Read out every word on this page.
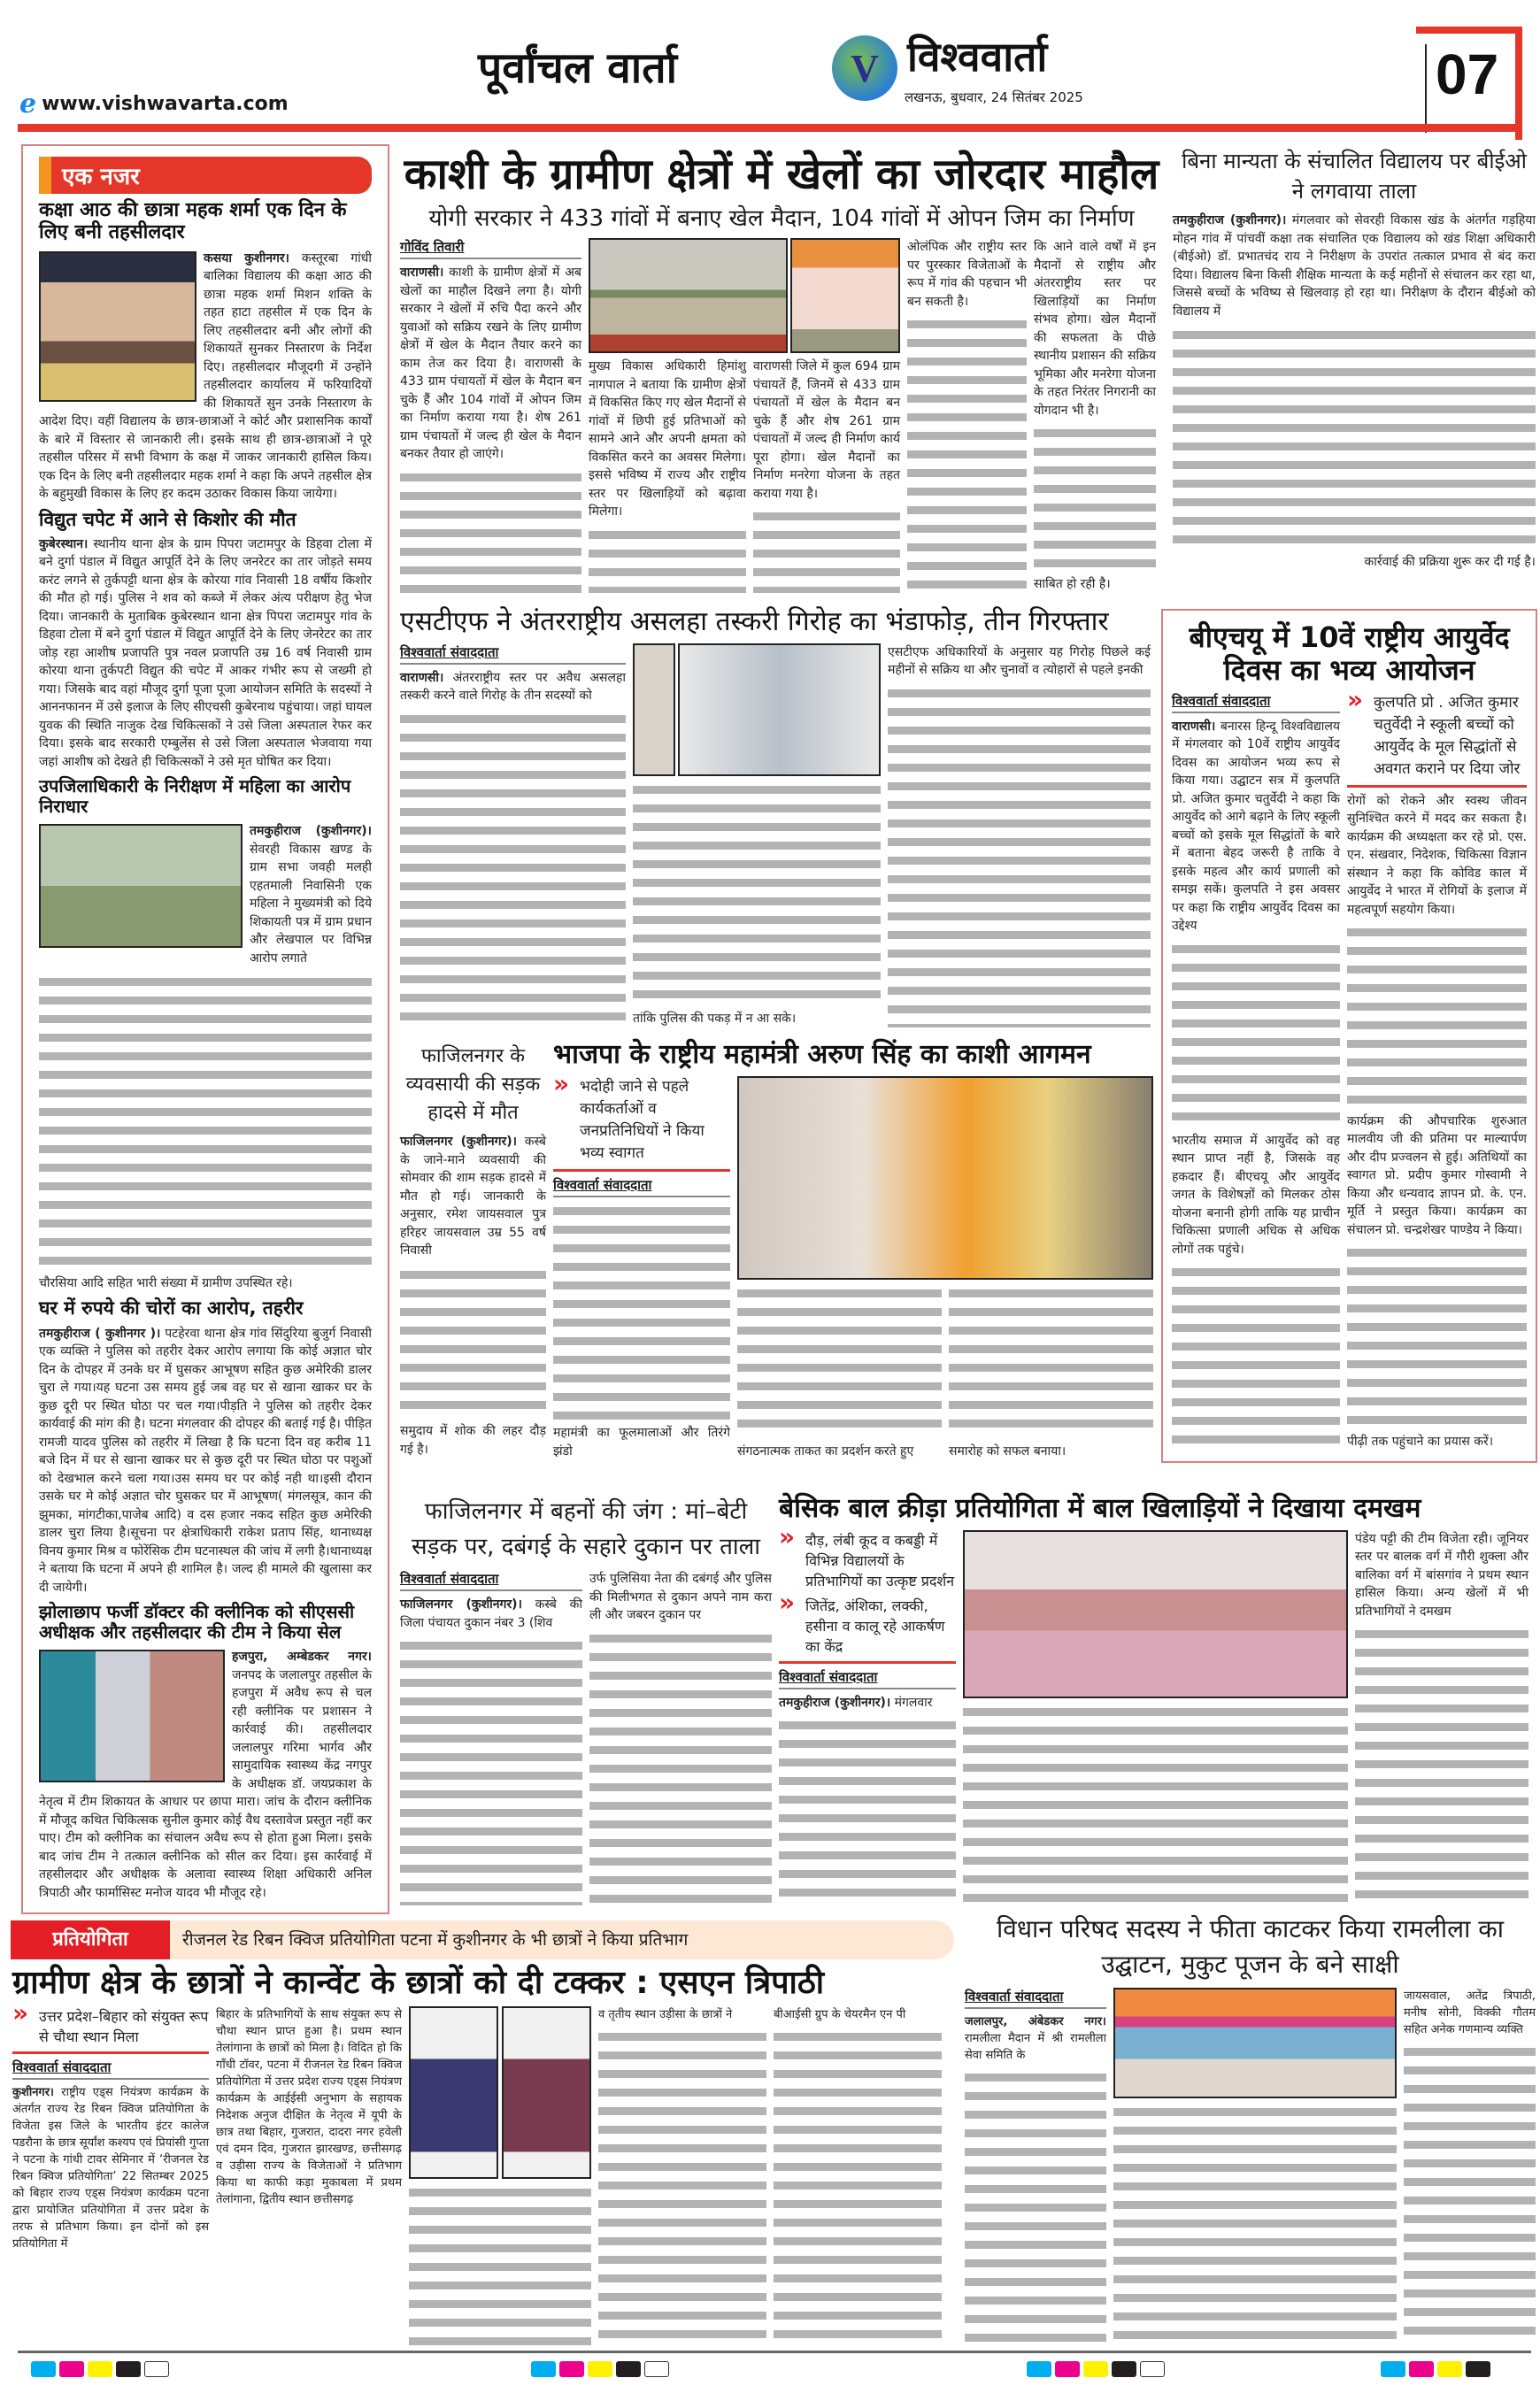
e www.vishwavarta.com
पूर्वांचल वार्ता	V विश्ववार्ता
लखनऊ, बुधवार, 24 सितंबर 2025	07
एक नजर
कक्षा आठ की छात्रा महक शर्मा एक दिन के लिए बनी तहसीलदार
कसया कुशीनगर। कस्तूरबा गांधी बालिका विद्यालय की कक्षा आठ की छात्रा महक शर्मा मिशन शक्ति के तहत हाटा तहसील में एक दिन के लिए तहसीलदार बनी और लोगों की शिकायतें सुनकर निस्तारण के निर्देश दिए। तहसीलदार मौजूदगी में उन्होंने तहसीलदार कार्यालय में फरियादियों की शिकायतें सुन उनके निस्तारण के आदेश दिए। वहीं विद्यालय के छात्र-छात्राओं ने कोर्ट और प्रशासनिक कार्यों के बारे में विस्तार से जानकारी ली। इसके साथ ही छात्र-छात्राओं ने पूरे तहसील परिसर में सभी विभाग के कक्ष में जाकर जानकारी हासिल किय। एक दिन के लिए बनी तहसीलदार महक शर्मा ने कहा कि अपने तहसील क्षेत्र के बहुमुखी विकास के लिए हर कदम उठाकर विकास किया जायेगा।
विद्युत चपेट में आने से किशोर की मौत
कुबेरस्थान। स्थानीय थाना क्षेत्र के ग्राम पिपरा जटामपुर के डिहवा टोला में बने दुर्गा पंडाल में विद्युत आपूर्ति देने के लिए जनरेटर का तार जोड़ते समय करंट लगने से तुर्कपट्टी थाना क्षेत्र के कोरया गांव निवासी 18 वर्षीय किशोर की मौत हो गई। पुलिस ने शव को कब्जे में लेकर अंत्य परीक्षण हेतु भेज दिया। जानकारी के मुताबिक कुबेरस्थान थाना क्षेत्र पिपरा जटामपुर गांव के डिहवा टोला में बने दुर्गा पंडाल में विद्युत आपूर्ति देने के लिए जेनरेटर का तार जोड़ रहा आशीष प्रजापति पुत्र नवल प्रजापति उम्र 16 वर्ष निवासी ग्राम कोरया थाना तुर्कपटी विद्युत की चपेट में आकर गंभीर रूप से जख्मी हो गया। जिसके बाद वहां मौजूद दुर्गा पूजा पूजा आयोजन समिति के सदस्यों ने आननफानन में उसे इलाज के लिए सीएचसी कुबेरनाथ पहुंचाया। जहां घायल युवक की स्थिति नाजुक देख चिकित्सकों ने उसे जिला अस्पताल रेफर कर दिया। इसके बाद सरकारी एम्बुलेंस से उसे जिला अस्पताल भेजवाया गया जहां आशीष को देखते ही चिकित्सकों ने उसे मृत घोषित कर दिया।
उपजिलाधिकारी के निरीक्षण में महिला का आरोप निराधार
तमकुहीराज (कुशीनगर)। सेवरही विकास खण्ड के ग्राम सभा जवही मलही एहतमाली निवासिनी एक महिला ने मुख्यमंत्री को दिये शिकायती पत्र में ग्राम प्रधान और लेखपाल पर विभिन्न आरोप लगाते
चौरसिया आदि सहित भारी संख्या में ग्रामीण उपस्थित रहे।
घर में रुपये की चोरों का आरोप, तहरीर
तमकुहीराज ( कुशीनगर )। पटहेरवा थाना क्षेत्र गांव सिंदुरिया बुजुर्ग निवासी एक व्यक्ति ने पुलिस को तहरीर देकर आरोप लगाया कि कोई अज्ञात चोर दिन के दोपहर में उनके घर में घुसकर आभूषण सहित कुछ अमेरिकी डालर चुरा ले गया।यह घटना उस समय हुई जब वह घर से खाना खाकर घर के कुछ दूरी पर स्थित घोठा पर चल गया।पीड़ति ने पुलिस को तहरीर देकर कार्यवाई की मांग की है। घटना मंगलवार की दोपहर की बताई गई है। पीड़ित रामजी यादव पुलिस को तहरीर में लिखा है कि घटना दिन वह करीब 11 बजे दिन में घर से खाना खाकर घर से कुछ दूरी पर स्थित घोठा पर पशुओं को देखभाल करने चला गया।उस समय घर पर कोई नही था।इसी दौरान उसके घर मे कोई अज्ञात चोर घुसकर घर में आभूषण( मंगलसूत्र, कान की झुमका, मांगटीका,पाजेब आदि) व दस हजार नकद सहित कुछ अमेरिकी डालर चुरा लिया है।सूचना पर क्षेत्राधिकारी राकेश प्रताप सिंह, थानाध्यक्ष विनय कुमार मिश्र व फोरेंसिक टीम घटनास्थल की जांच में लगी है।थानाध्यक्ष ने बताया कि घटना में अपने ही शामिल है। जल्द ही मामले की खुलासा कर दी जायेगी।
झोलाछाप फर्जी डॉक्टर की क्लीनिक को सीएससी अधीक्षक और तहसीलदार की टीम ने किया सेल
हजपुरा, अम्बेडकर नगर। जनपद के जलालपुर तहसील के हजपुरा में अवैध रूप से चल रही क्लीनिक पर प्रशासन ने कार्रवाई की। तहसीलदार जलालपुर गरिमा भार्गव और सामुदायिक स्वास्थ्य केंद्र नगपुर के अधीक्षक डॉ. जयप्रकाश के नेतृत्व में टीम शिकायत के आधार पर छापा मारा। जांच के दौरान क्लीनिक में मौजूद कथित चिकित्सक सुनील कुमार कोई वैध दस्तावेज प्रस्तुत नहीं कर पाए। टीम को क्लीनिक का संचालन अवैध रूप से होता हुआ मिला। इसके बाद जांच टीम ने तत्काल क्लीनिक को सील कर दिया। इस कार्रवाई में तहसीलदार और अधीक्षक के अलावा स्वास्थ्य शिक्षा अधिकारी अनिल त्रिपाठी और फार्मासिस्ट मनोज यादव भी मौजूद रहे।
काशी के ग्रामीण क्षेत्रों में खेलों का जोरदार माहौल
योगी सरकार ने 433 गांवों में बनाए खेल मैदान, 104 गांवों में ओपन जिम का निर्माण
गोविंद तिवारी
वाराणसी। काशी के ग्रामीण क्षेत्रों में अब खेलों का माहौल दिखने लगा है। योगी सरकार ने खेलों में रुचि पैदा करने और युवाओं को सक्रिय रखने के लिए ग्रामीण क्षेत्रों में खेल के मैदान तैयार करने का काम तेज कर दिया है। वाराणसी के 433 ग्राम पंचायतों में खेल के मैदान बन चुके हैं और 104 गांवों में ओपन जिम का निर्माण कराया गया है। शेष 261 ग्राम पंचायतों में जल्द ही खेल के मैदान बनकर तैयार हो जाएंगे।
मुख्य विकास अधिकारी हिमांशु नागपाल ने बताया कि ग्रामीण क्षेत्रों में विकसित किए गए खेल मैदानों से गांवों में छिपी हुई प्रतिभाओं को सामने आने और अपनी क्षमता को विकसित करने का अवसर मिलेगा। इससे भविष्य में राज्य और राष्ट्रीय स्तर पर खिलाड़ियों को बढ़ावा मिलेगा।
वाराणसी जिले में कुल 694 ग्राम पंचायतें हैं, जिनमें से 433 ग्राम पंचायतों में खेल के मैदान बन चुके हैं और शेष 261 ग्राम पंचायतों में जल्द ही निर्माण कार्य पूरा होगा। खेल मैदानों का निर्माण मनरेगा योजना के तहत कराया गया है।
ओलंपिक और राष्ट्रीय स्तर पर पुरस्कार विजेताओं के रूप में गांव की पहचान भी बन सकती है।
कि आने वाले वर्षों में इन मैदानों से राष्ट्रीय और अंतरराष्ट्रीय स्तर पर खिलाड़ियों का निर्माण संभव होगा। खेल मैदानों की सफलता के पीछे स्थानीय प्रशासन की सक्रिय भूमिका और मनरेगा योजना के तहत निरंतर निगरानी का योगदान भी है।
साबित हो रही है।
बिना मान्यता के संचालित विद्यालय पर बीईओ ने लगवाया ताला
तमकुहीराज (कुशीनगर)। मंगलवार को सेवरही विकास खंड के अंतर्गत गड़हिया मोहन गांव में पांचवीं कक्षा तक संचालित एक विद्यालय को खंड शिक्षा अधिकारी (बीईओ) डॉ. प्रभातचंद राय ने निरीक्षण के उपरांत तत्काल प्रभाव से बंद करा दिया। विद्यालय बिना किसी शैक्षिक मान्यता के कई महीनों से संचालन कर रहा था, जिससे बच्चों के भविष्य से खिलवाड़ हो रहा था। निरीक्षण के दौरान बीईओ को विद्यालय में
कार्रवाई की प्रक्रिया शुरू कर दी गई है।
एसटीएफ ने अंतरराष्ट्रीय असलहा तस्करी गिरोह का भंडाफोड़, तीन गिरफ्तार
विश्ववार्ता संवाददाता
वाराणसी। अंतरराष्ट्रीय स्तर पर अवैध असलहा तस्करी करने वाले गिरोह के तीन सदस्यों को
तांकि पुलिस की पकड़ में न आ सके।
एसटीएफ अधिकारियों के अनुसार यह गिरोह पिछले कई महीनों से सक्रिय था और चुनावों व त्योहारों से पहले इनकी
बीएचयू में 10वें राष्ट्रीय आयुर्वेद दिवस का भव्य आयोजन
विश्ववार्ता संवाददाता
वाराणसी। बनारस हिन्दू विश्वविद्यालय में मंगलवार को 10वें राष्ट्रीय आयुर्वेद दिवस का आयोजन भव्य रूप से किया गया। उद्घाटन सत्र में कुलपति प्रो. अजित कुमार चतुर्वेदी ने कहा कि आयुर्वेद को आगे बढ़ाने के लिए स्कूली बच्चों को इसके मूल सिद्धांतों के बारे में बताना बेहद जरूरी है ताकि वे इसके महत्व और कार्य प्रणाली को समझ सकें। कुलपति ने इस अवसर पर कहा कि राष्ट्रीय आयुर्वेद दिवस का उद्देश्य
भारतीय समाज में आयुर्वेद को वह स्थान प्राप्त नहीं है, जिसके वह हकदार हैं। बीएचयू और आयुर्वेद जगत के विशेषज्ञों को मिलकर ठोस योजना बनानी होगी ताकि यह प्राचीन चिकित्सा प्रणाली अधिक से अधिक लोगों तक पहुंचे।
» कुलपति प्रो . अजित कुमार चतुर्वेदी ने स्कूली बच्चों को आयुर्वेद के मूल सिद्धांतों से अवगत कराने पर दिया जोर
रोगों को रोकने और स्वस्थ जीवन सुनिश्चित करने में मदद कर सकता है। कार्यक्रम की अध्यक्षता कर रहे प्रो. एस. एन. संखवार, निदेशक, चिकित्सा विज्ञान संस्थान ने कहा कि कोविड काल में आयुर्वेद ने भारत में रोगियों के इलाज में महत्वपूर्ण सहयोग किया।
कार्यक्रम की औपचारिक शुरुआत मालवीय जी की प्रतिमा पर माल्यार्पण और दीप प्रज्वलन से हुई। अतिथियों का स्वागत प्रो. प्रदीप कुमार गोस्वामी ने किया और धन्यवाद ज्ञापन प्रो. के. एन. मूर्ति ने प्रस्तुत किया। कार्यक्रम का संचालन प्रो. चन्द्रशेखर पाण्डेय ने किया।
पीढ़ी तक पहुंचाने का प्रयास करें।
फाजिलनगर के व्यवसायी की सड़क हादसे में मौत
फाजिलनगर (कुशीनगर)। कस्बे के जाने-माने व्यवसायी की सोमवार की शाम सड़क हादसे में मौत हो गई। जानकारी के अनुसार, रमेश जायसवाल पुत्र हरिहर जायसवाल उम्र 55 वर्ष निवासी
समुदाय में शोक की लहर दौड़ गई है।
भाजपा के राष्ट्रीय महामंत्री अरुण सिंह का काशी आगमन
» भदोही जाने से पहले कार्यकर्ताओं व जनप्रतिनिधियों ने किया भव्य स्वागत
विश्ववार्ता संवाददाता
महामंत्री का फूलमालाओं और तिरंगे झंडो	संगठनात्मक ताकत का प्रदर्शन करते हुए	समारोह को सफल बनाया।
फाजिलनगर में बहनों की जंग : मां–बेटी सड़क पर, दबंगई के सहारे दुकान पर ताला
विश्ववार्ता संवाददाता
फाजिलनगर (कुशीनगर)। कस्बे की जिला पंचायत दुकान नंबर 3 (शिव
उर्फ पुलिसिया नेता की दबंगई और पुलिस की मिलीभगत से दुकान अपने नाम करा ली और जबरन दुकान पर
बेसिक बाल क्रीड़ा प्रतियोगिता में बाल खिलाड़ियों ने दिखाया दमखम
» दौड़, लंबी कूद व कबड्डी में विभिन्न विद्यालयों के प्रतिभागियों का उत्कृष्ट प्रदर्शन
» जितेंद्र, अंशिका, लक्की, हसीना व कालू रहे आकर्षण का केंद्र
विश्ववार्ता संवाददाता
तमकुहीराज (कुशीनगर)। मंगलवार
पंडेय पट्टी की टीम विजेता रही। जूनियर स्तर पर बालक वर्ग में गौरी शुक्ला और बालिका वर्ग में बांसगांव ने प्रथम स्थान हासिल किया। अन्य खेलों में भी प्रतिभागियों ने दमखम
प्रतियोगिता	रीजनल रेड रिबन क्विज प्रतियोगिता पटना में कुशीनगर के भी छात्रों ने किया प्रतिभाग
ग्रामीण क्षेत्र के छात्रों ने कान्वेंट के छात्रों को दी टक्कर : एसएन त्रिपाठी
» उत्तर प्रदेश–बिहार को संयुक्त रूप से चौथा स्थान मिला
विश्ववार्ता संवाददाता
कुशीनगर। राष्ट्रीय एड्स नियंत्रण कार्यक्रम के अंतर्गत राज्य रेड रिबन क्विज प्रतियोगिता के विजेता इस जिले के भारतीय इंटर कालेज पडरौना के छात्र सूर्यांश कश्यप एवं प्रियांसी गुप्ता ने पटना के गांधी टावर सेमिनार में ‘रीजनल रेड रिबन क्विज प्रतियोगिता’ 22 सितम्बर 2025 को बिहार राज्य एड्स नियंत्रण कार्यक्रम पटना द्वारा प्रायोजित प्रतियोगिता में उत्तर प्रदेश के तरफ से प्रतिभाग किया। इन दोनों को इस प्रतियोगिता में
बिहार के प्रतिभागियों के साथ संयुक्त रूप से चौथा स्थान प्राप्त हुआ है। प्रथम स्थान तेलांगाना के छात्रों को मिला है। विदित हो कि गाँधी टॉवर, पटना में रीजनल रेड रिबन क्विज प्रतियोगिता में उत्तर प्रदेश राज्य एड्स नियंत्रण कार्यक्रम के आईईसी अनुभाग के सहायक निदेशक अनुज दीक्षित के नेतृत्व में यूपी के छात्र तथा बिहार, गुजरात, दादरा नगर हवेली एवं दमन दिव, गुजरात झारखण्ड, छत्तीसगढ़ व उड़ीसा राज्य के विजेताओं ने प्रतिभाग किया था काफी कड़ा मुकाबला में प्रथम तेलांगाना, द्वितीय स्थान छत्तीसगढ़
व तृतीय स्थान उड़ीसा के छात्रों ने	बीआईसी ग्रुप के चेयरमैन एन पी
विधान परिषद सदस्य ने फीता काटकर किया रामलीला का उद्घाटन, मुकुट पूजन के बने साक्षी
विश्ववार्ता संवाददाता
जलालपुर, अंबेडकर नगर। रामलीला मैदान में श्री रामलीला सेवा समिति के
जायसवाल, अतेंद्र त्रिपाठी, मनीष सोनी, विक्की गौतम सहित अनेक गणमान्य व्यक्ति
